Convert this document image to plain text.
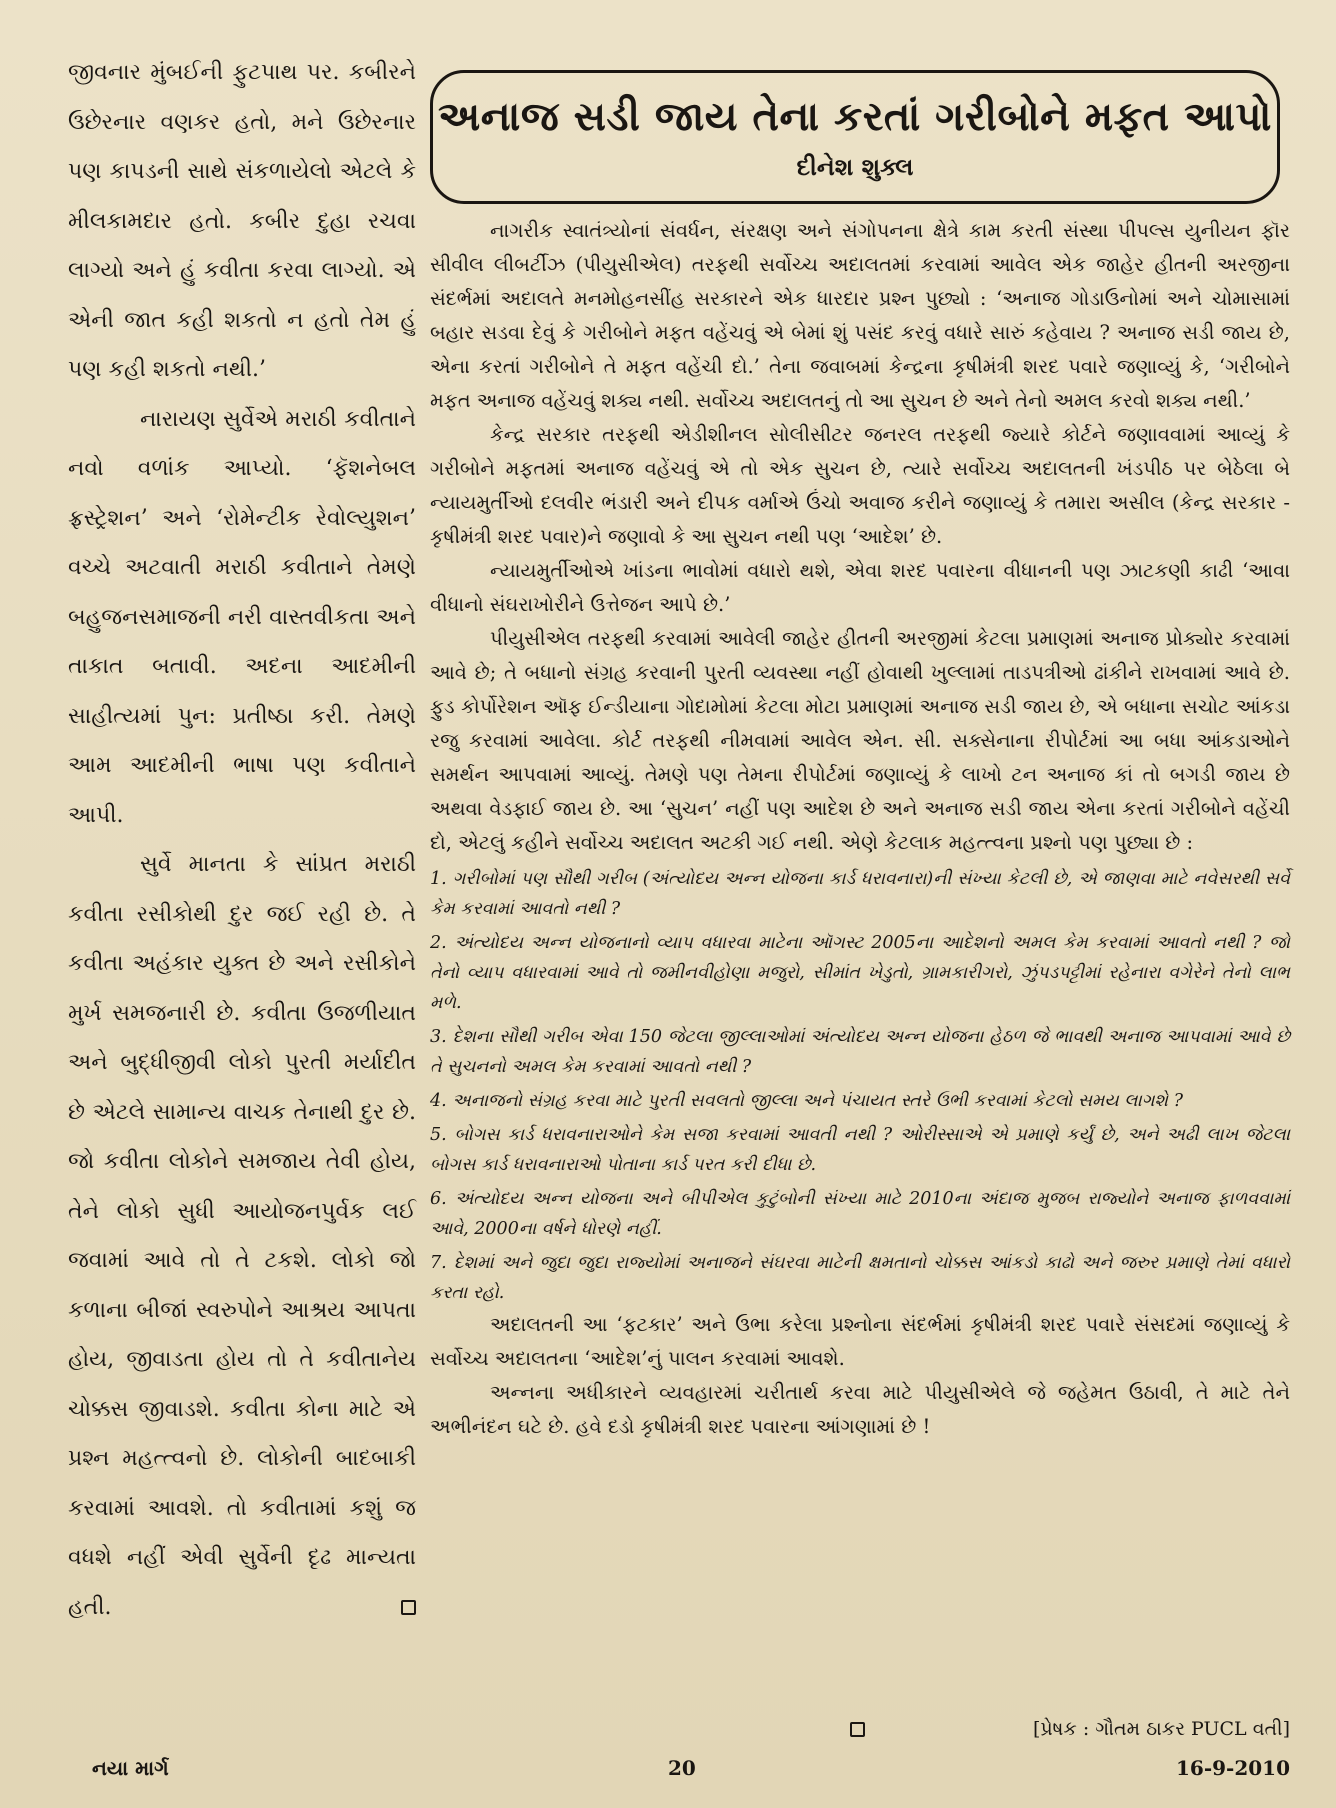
જીવનાર મુંબઈની ફુટપાથ પર. કબીરને ઉછેરનાર વણકર હતો, મને ઉછેરનાર પણ કાપડની સાથે સંકળાયેલો એટલે કે મીલકામદાર હતો. કબીર દુહા રચવા લાગ્યો અને હું કવીતા કરવા લાગ્યો. એ એની જાત કહી શકતો ન હતો તેમ હું પણ કહી શકતો નથી.’

નારાયણ સુર્વેએ મરાઠી કવીતાને નવો વળાંક આપ્યો. ‘ફૅશનેબલ ફ્રસ્ટ્રેશન’ અને ‘રોમેન્ટીક રેવોલ્યુશન’ વચ્ચે અટવાતી મરાઠી કવીતાને તેમણે બહુજનસમાજની નરી વાસ્તવીકતા અને તાકાત બતાવી. અદના આદમીની સાહીત્યમાં પુન: પ્રતીષ્ઠા કરી. તેમણે આમ આદમીની ભાષા પણ કવીતાને આપી.

સુર્વે માનતા કે સાંપ્રત મરાઠી કવીતા રસીકોથી દુર જઈ રહી છે. તે કવીતા અહંકાર યુક્ત છે અને રસીકોને મુર્ખ સમજનારી છે. કવીતા ઉજળીયાત અને બુદ્ધીજીવી લોકો પુરતી મર્યાદીત છે એટલે સામાન્ય વાચક તેનાથી દુર છે. જો કવીતા લોકોને સમજાય તેવી હોય, તેને લોકો સુધી આયોજનપુર્વક લઈ જવામાં આવે તો તે ટકશે. લોકો જો કળાના બીજાં સ્વરુપોને આશ્રય આપતા હોય, જીવાડતા હોય તો તે કવીતાનેય ચોક્કસ જીવાડશે. કવીતા કોના માટે એ પ્રશ્ન મહત્ત્વનો છે. લોકોની બાદબાકી કરવામાં આવશે. તો કવીતામાં કશું જ વધશે નહીં એવી સુર્વેની દૃઢ માન્યતા હતી.

અનાજ સડી જાય તેના કરતાં ગરીબોને મફત આપો
દીનેશ શુક્લ

નાગરીક સ્વાતંત્ર્યોનાં સંવર્ધન, સંરક્ષણ અને સંગોપનના ક્ષેત્રે કામ કરતી સંસ્થા પીપલ્સ યુનીયન ફૉર સીવીલ લીબર્ટીઝ (પીયુસીએલ) તરફથી સર્વોચ્ચ અદાલતમાં કરવામાં આવેલ એક જાહેર હીતની અરજીના સંદર્ભમાં અદાલતે મનમોહનસીંહ સરકારને એક ધારદાર પ્રશ્ન પુછ્યો : ‘અનાજ ગોડાઉનોમાં અને ચોમાસામાં બહાર સડવા દેવું કે ગરીબોને મફત વહેંચવું એ બેમાં શું પસંદ કરવું વધારે સારું કહેવાય ? અનાજ સડી જાય છે, એના કરતાં ગરીબોને તે મફત વહેંચી દો.’ તેના જવાબમાં કેન્દ્રના કૃષીમંત્રી શરદ પવારે જણાવ્યું કે, ‘ગરીબોને મફત અનાજ વહેંચવું શક્ય નથી. સર્વોચ્ચ અદાલતનું તો આ સુચન છે અને તેનો અમલ કરવો શક્ય નથી.’

કેન્દ્ર સરકાર તરફથી એડીશીનલ સોલીસીટર જનરલ તરફથી જ્યારે કોર્ટને જણાવવામાં આવ્યું કે ગરીબોને મફતમાં અનાજ વહેંચવું એ તો એક સુચન છે, ત્યારે સર્વોચ્ચ અદાલતની ખંડપીઠ પર બેઠેલા બે ન્યાયમુર્તીઓ દલવીર ભંડારી અને દીપક વર્માએ ઉંચો અવાજ કરીને જણાવ્યું કે તમારા અસીલ (કેન્દ્ર સરકાર - કૃષીમંત્રી શરદ પવાર)ને જણાવો કે આ સુચન નથી પણ ‘આદેશ’ છે.

ન્યાયમુર્તીઓએ ખાંડના ભાવોમાં વધારો થશે, એવા શરદ પવારના વીધાનની પણ ઝાટકણી કાઢી ‘આવા વીધાનો સંઘરાખોરીને ઉત્તેજન આપે છે.’

પીયુસીએલ તરફથી કરવામાં આવેલી જાહેર હીતની અરજીમાં કેટલા પ્રમાણમાં અનાજ પ્રોક્યોર કરવામાં આવે છે; તે બધાનો સંગ્રહ કરવાની પુરતી વ્યવસ્થા નહીં હોવાથી ખુલ્લામાં તાડપત્રીઓ ઢાંકીને રાખવામાં આવે છે. ફુડ કોર્પોરેશન ઑફ ઈન્ડીયાના ગોદામોમાં કેટલા મોટા પ્રમાણમાં અનાજ સડી જાય છે, એ બધાના સચોટ આંકડા રજુ કરવામાં આવેલા. કોર્ટ તરફથી નીમવામાં આવેલ એન. સી. સક્સેનાના રીપોર્ટમાં આ બધા આંકડાઓને સમર્થન આપવામાં આવ્યું. તેમણે પણ તેમના રીપોર્ટમાં જણાવ્યું કે લાખો ટન અનાજ કાં તો બગડી જાય છે અથવા વેડફાઈ જાય છે. આ ‘સુચન’ નહીં પણ આદેશ છે અને અનાજ સડી જાય એના કરતાં ગરીબોને વહેંચી દો, એટલું કહીને સર્વોચ્ચ અદાલત અટકી ગઈ નથી. એણે કેટલાક મહત્ત્વના પ્રશ્નો પણ પુછ્યા છે :

1. ગરીબોમાં પણ સૌથી ગરીબ (અંત્યોદય અન્ન યોજના કાર્ડ ધરાવનારા)ની સંખ્યા કેટલી છે, એ જાણવા માટે નવેસરથી સર્વે કેમ કરવામાં આવતો નથી ?

2. અંત્યોદય અન્ન યોજનાનો વ્યાપ વધારવા માટેના ઑગસ્ટ 2005ના આદેશનો અમલ કેમ કરવામાં આવતો નથી ? જો તેનો વ્યાપ વધારવામાં આવે તો જમીનવીહોણા મજુરો, સીમાંત ખેડુતો, ગ્રામકારીગરો, ઝુંપડપટ્ટીમાં રહેનારા વગેરેને તેનો લાભ મળે.

3. દેશના સૌથી ગરીબ એવા 150 જેટલા જીલ્લાઓમાં અંત્યોદય અન્ન યોજના હેઠળ જે ભાવથી અનાજ આપવામાં આવે છે તે સુચનનો અમલ કેમ કરવામાં આવતો નથી ?

4. અનાજનો સંગ્રહ કરવા માટે પુરતી સવલતો જીલ્લા અને પંચાયત સ્તરે ઉભી કરવામાં કેટલો સમય લાગશે ?

5. બોગસ કાર્ડ ધરાવનારાઓને કેમ સજા કરવામાં આવતી નથી ? ઓરીસ્સાએ એ પ્રમાણે કર્યું છે, અને અઢી લાખ જેટલા બોગસ કાર્ડ ધરાવનારાઓ પોતાના કાર્ડ પરત કરી દીધા છે.

6. અંત્યોદય અન્ન યોજના અને બીપીએલ કુટુંબોની સંખ્યા માટે 2010ના અંદાજ મુજબ રાજ્યોને અનાજ ફાળવવામાં આવે, 2000ના વર્ષને ધોરણે નહીં.

7. દેશમાં અને જુદા જુદા રાજ્યોમાં અનાજને સંઘરવા માટેની ક્ષમતાનો ચોક્કસ આંકડો કાઢો અને જરુર પ્રમાણે તેમાં વધારો કરતા રહો.

અદાલતની આ ‘ફટકાર’ અને ઉભા કરેલા પ્રશ્નોના સંદર્ભમાં કૃષીમંત્રી શરદ પવારે સંસદમાં જણાવ્યું કે સર્વોચ્ચ અદાલતના ‘આદેશ’નું પાલન કરવામાં આવશે.

અન્નના અધીકારને વ્યવહારમાં ચરીતાર્થ કરવા માટે પીયુસીએલે જે જહેમત ઉઠાવી, તે માટે તેને અભીનંદન ઘટે છે. હવે દડો કૃષીમંત્રી શરદ પવારના આંગણામાં છે !

[પ્રેષક : ગૌતમ ઠાકર PUCL વતી]
નયા માર્ગ	20	16-9-2010
